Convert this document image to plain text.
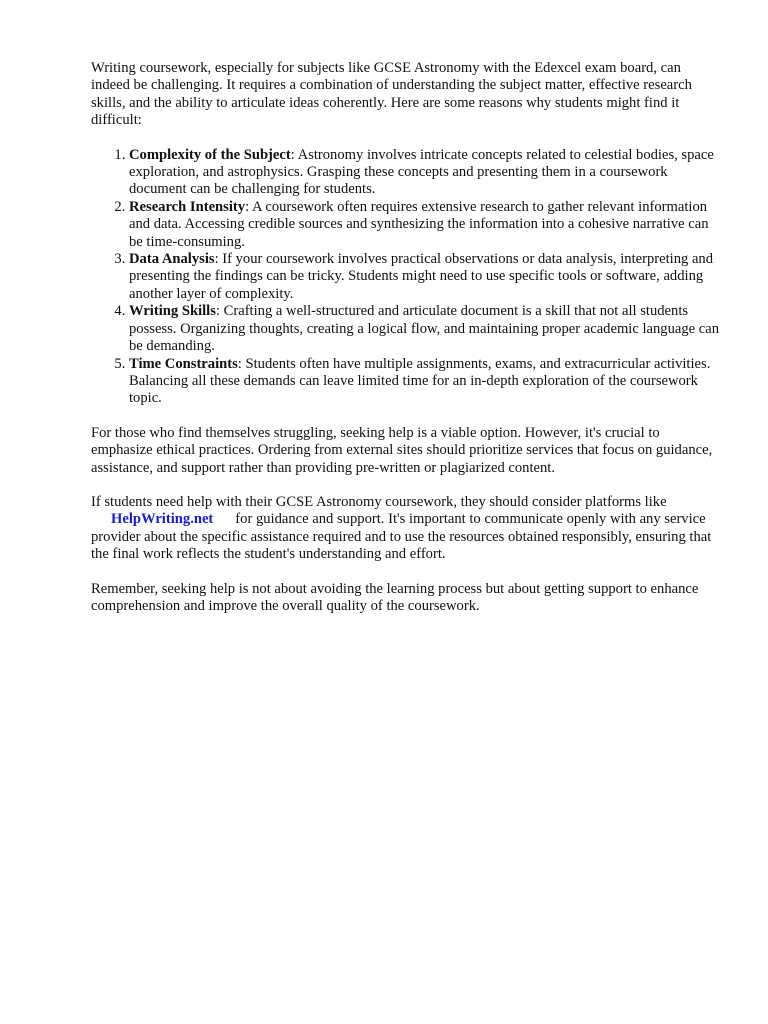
Writing coursework, especially for subjects like GCSE Astronomy with the Edexcel exam board, can indeed be challenging. It requires a combination of understanding the subject matter, effective research skills, and the ability to articulate ideas coherently. Here are some reasons why students might find it difficult:

1. Complexity of the Subject: Astronomy involves intricate concepts related to celestial bodies, space exploration, and astrophysics. Grasping these concepts and presenting them in a coursework document can be challenging for students.
2. Research Intensity: A coursework often requires extensive research to gather relevant information and data. Accessing credible sources and synthesizing the information into a cohesive narrative can be time-consuming.
3. Data Analysis: If your coursework involves practical observations or data analysis, interpreting and presenting the findings can be tricky. Students might need to use specific tools or software, adding another layer of complexity.
4. Writing Skills: Crafting a well-structured and articulate document is a skill that not all students possess. Organizing thoughts, creating a logical flow, and maintaining proper academic language can be demanding.
5. Time Constraints: Students often have multiple assignments, exams, and extracurricular activities. Balancing all these demands can leave limited time for an in-depth exploration of the coursework topic.

For those who find themselves struggling, seeking help is a viable option. However, it's crucial to emphasize ethical practices. Ordering from external sites should prioritize services that focus on guidance, assistance, and support rather than providing pre-written or plagiarized content.

If students need help with their GCSE Astronomy coursework, they should consider platforms like HelpWriting.net for guidance and support. It's important to communicate openly with any service provider about the specific assistance required and to use the resources obtained responsibly, ensuring that the final work reflects the student's understanding and effort.

Remember, seeking help is not about avoiding the learning process but about getting support to enhance comprehension and improve the overall quality of the coursework.
